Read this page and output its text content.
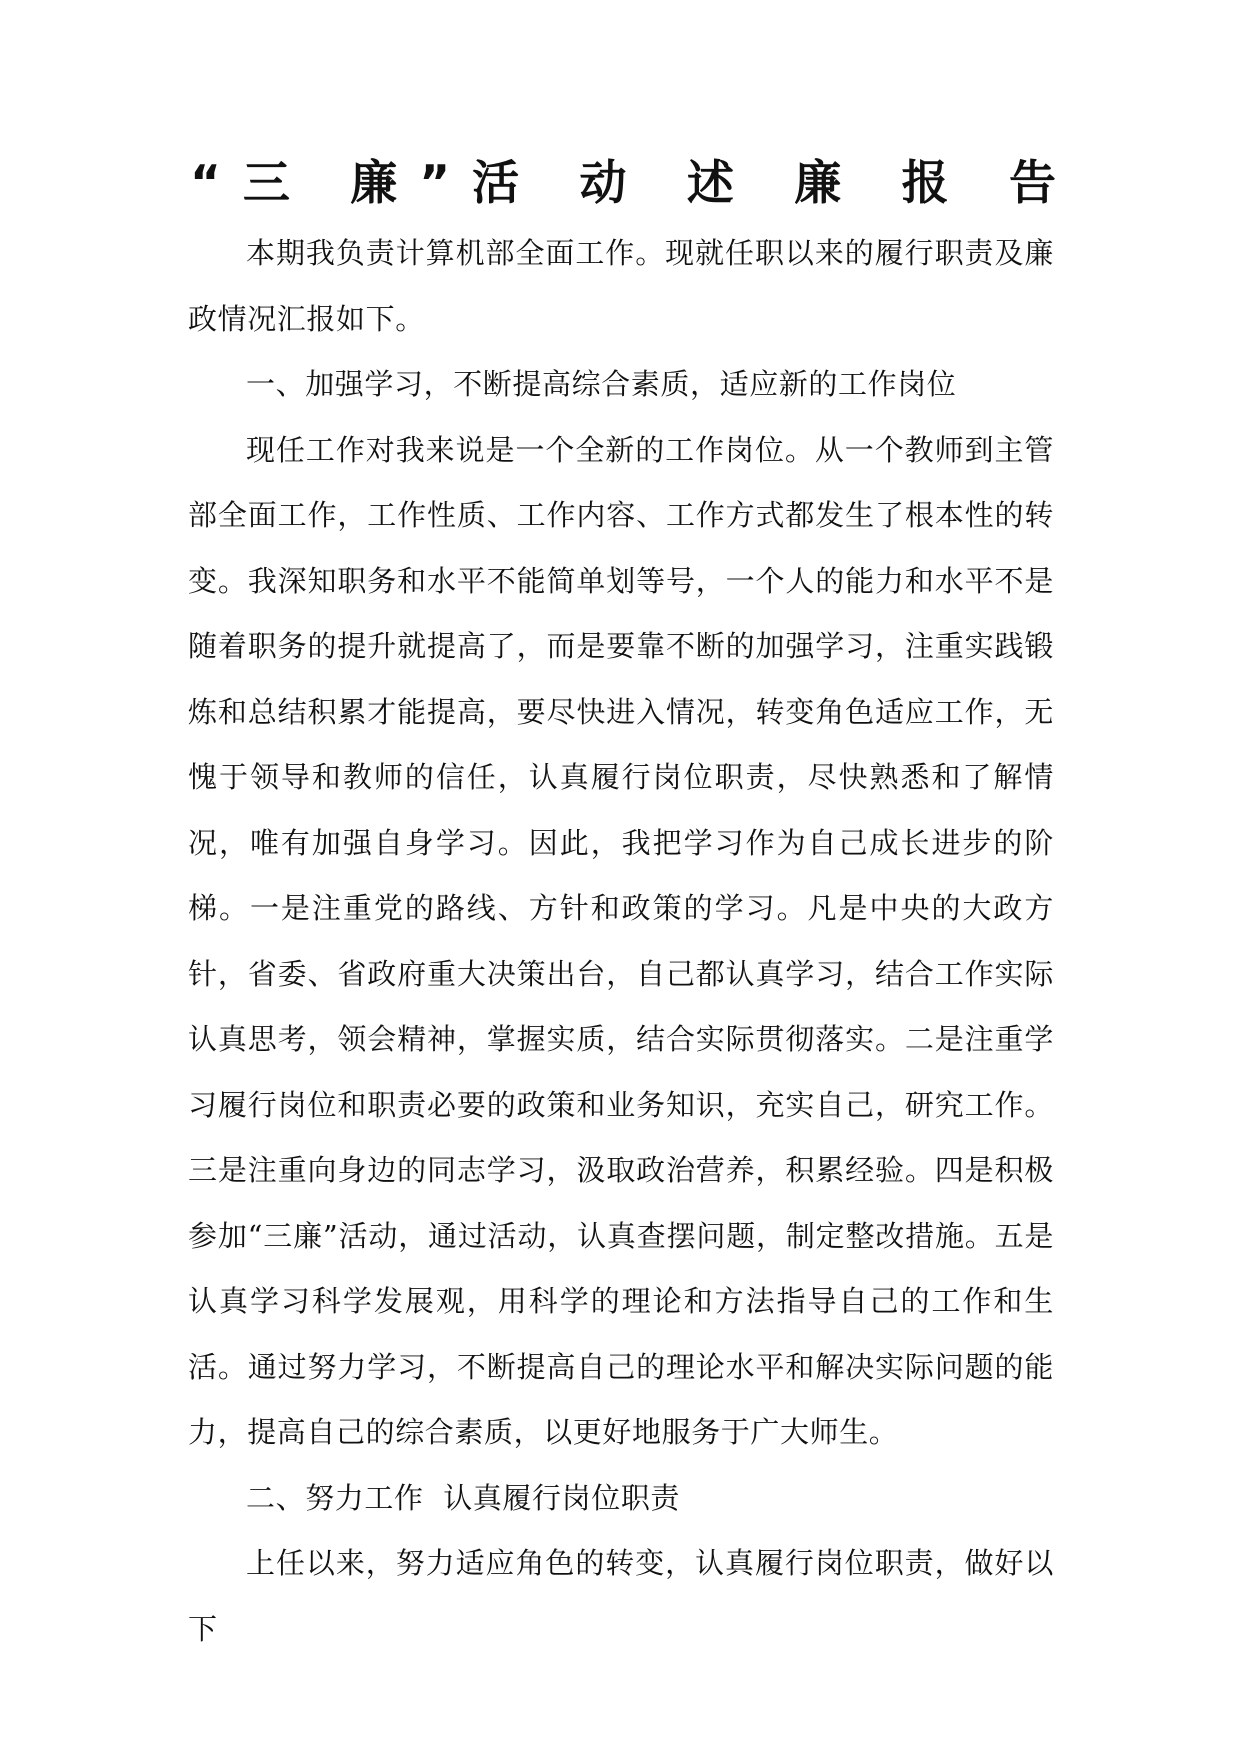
“三 廉”活 动 述 廉 报 告

本期我负责计算机部全面工作。现就任职以来的履行职责及廉政情况汇报如下。

一、加强学习，不断提高综合素质，适应新的工作岗位

现任工作对我来说是一个全新的工作岗位。从一个教师到主管部全面工作，工作性质、工作内容、工作方式都发生了根本性的转变。我深知职务和水平不能简单划等号，一个人的能力和水平不是随着职务的提升就提高了，而是要靠不断的加强学习，注重实践锻炼和总结积累才能提高，要尽快进入情况，转变角色适应工作，无愧于领导和教师的信任，认真履行岗位职责，尽快熟悉和了解情况，唯有加强自身学习。因此，我把学习作为自己成长进步的阶梯。一是注重党的路线、方针和政策的学习。凡是中央的大政方针，省委、省政府重大决策出台，自己都认真学习，结合工作实际认真思考，领会精神，掌握实质，结合实际贯彻落实。二是注重学习履行岗位和职责必要的政策和业务知识，充实自己，研究工作。三是注重向身边的同志学习，汲取政治营养，积累经验。四是积极参加“三廉”活动，通过活动，认真查摆问题，制定整改措施。五是认真学习科学发展观，用科学的理论和方法指导自己的工作和生活。通过努力学习，不断提高自己的理论水平和解决实际问题的能力，提高自己的综合素质，以更好地服务于广大师生。

二、努力工作  认真履行岗位职责

上任以来，努力适应角色的转变，认真履行岗位职责，做好以下
